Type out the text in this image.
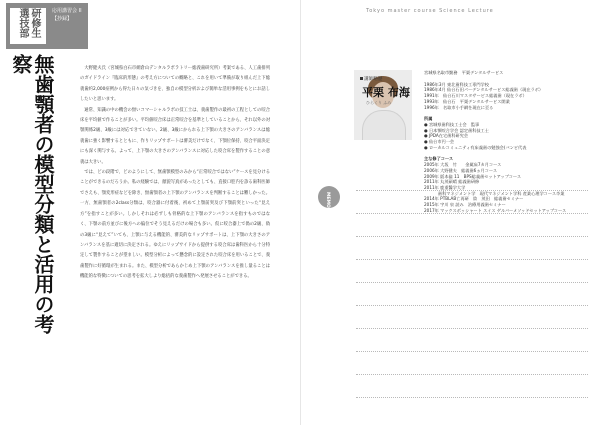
研修生選技部	応用講習会 II
【抄録】
無歯顎者の模型分類と活用の考察	大野健夫氏（宮城県白石市網倉山デンタルラボラトリー総義歯研究所）考案である、人工歯排列のガイドライン『臨床的形態』の考え方についての概略と、これを用いて準備が取り組んだ上下総義歯約2,000症例から得た日々の気づきを、独自の模型分析および簡単な活用事例をもとにお話ししたいと思います。

通常、知識の中の機会の無いコマーシャルラボの技工士は、義歯製作の最初の工程としての咬合床を平均値で作ることが多い。平均値咬合床は正常咬合を基準としていることから、それ以外の対顎関係2級、3級には対応できていない。2級、3級にかられる上下顎の大きさのアンバランスは総義歯に強く影響するとともに、作りリップサポートは審美だけでなく、下顎位保持、咬合平面決定にも深く関与する。よって、上下顎の大きさのアンバランスに対応した咬合床を製作することの意義は大きい。

では、どの段階で、どのようにして、無歯顎模型のみから“正常咬合ではない”ケースを見分けることができるのだろうか。私の経験では、顔貌写真があったとしても、直接口腔内を診る歯科医師でさえも、顎変形症などを除き、無歯顎者の上下顎のアンバランスを判断することは難しかった。一方、無歯顎者の2class分類は、咬合器に付着後、初めて上顎前突及び下顎前突といった“見え方”を指すことが多い。しかしそれは必ずしも骨格的な上下顎のアンバランスを指すものではなく、下顎の前方並びに後方への偏位でそう見えるだけの場合も多い。仮に咬合器上で偽の2級、偽の3級に“見えて”いても、上顎に与える機能的、審美的なリップサポートは、上下顎の大きさのアンバランスを基に適切に決定される。ゆえにリップサイドから提供する咬合床は歯科医から十分特定して製作することが望ましい。模型分析によって懸念的に設定された咬合床を用いることで、義歯製作に好循環が生まれる。また、模型分析であらかじめ上下顎のアンバランスを推し量ることは機能的な特徴についての思考を拡大しより総括的な義歯製作へ発展させることができる。

Tokyo master course Science Lecture
講師略歴
平栗 布海
ひらくり ふみ
宮城県名取市勤務　平栗デンタルサービス
1986年3月 東北歯科技工専門学校
1986年4月 仙台石田パーデンタルサービス総義歯（現在ラボ）
1991年　仙台石川マスタサービス総義歯（現在ラボ）
1993年　仙台石　平栗デンタルサービス開業
1996年　名取市小手網を現在に至る
所属
● 宮城県歯科技工士会　監事
● 日本顎咬合学会 認定歯科技工士
● JPDA在宅歯科研究会
● 仙台市円一会
● ローカルコミュニティ有床義歯の勉強会(バンビ代表
主な修了コース
2005年 大坂　竹　　金属床7カ月コース
2006年 大野健夫　総義歯6ヵ月コース
2009年 阪本倫 11　BPS総義歯セットアップコース
2011年 丸茂碩晴 総義歯研修
2011年 鹿重醫学大学
　　　 歯科マネジメント学　現代マネジメント学科 産業心理学コース卒業
2014年 PTBLAB亡再研　陰　茂田　総義歯セミナー
2015年 宇川 泉 読み　治療用義歯セミナー
2017年 マックスボッシャート スイス ゲルバーメソッドセットアップコース
MEMO
